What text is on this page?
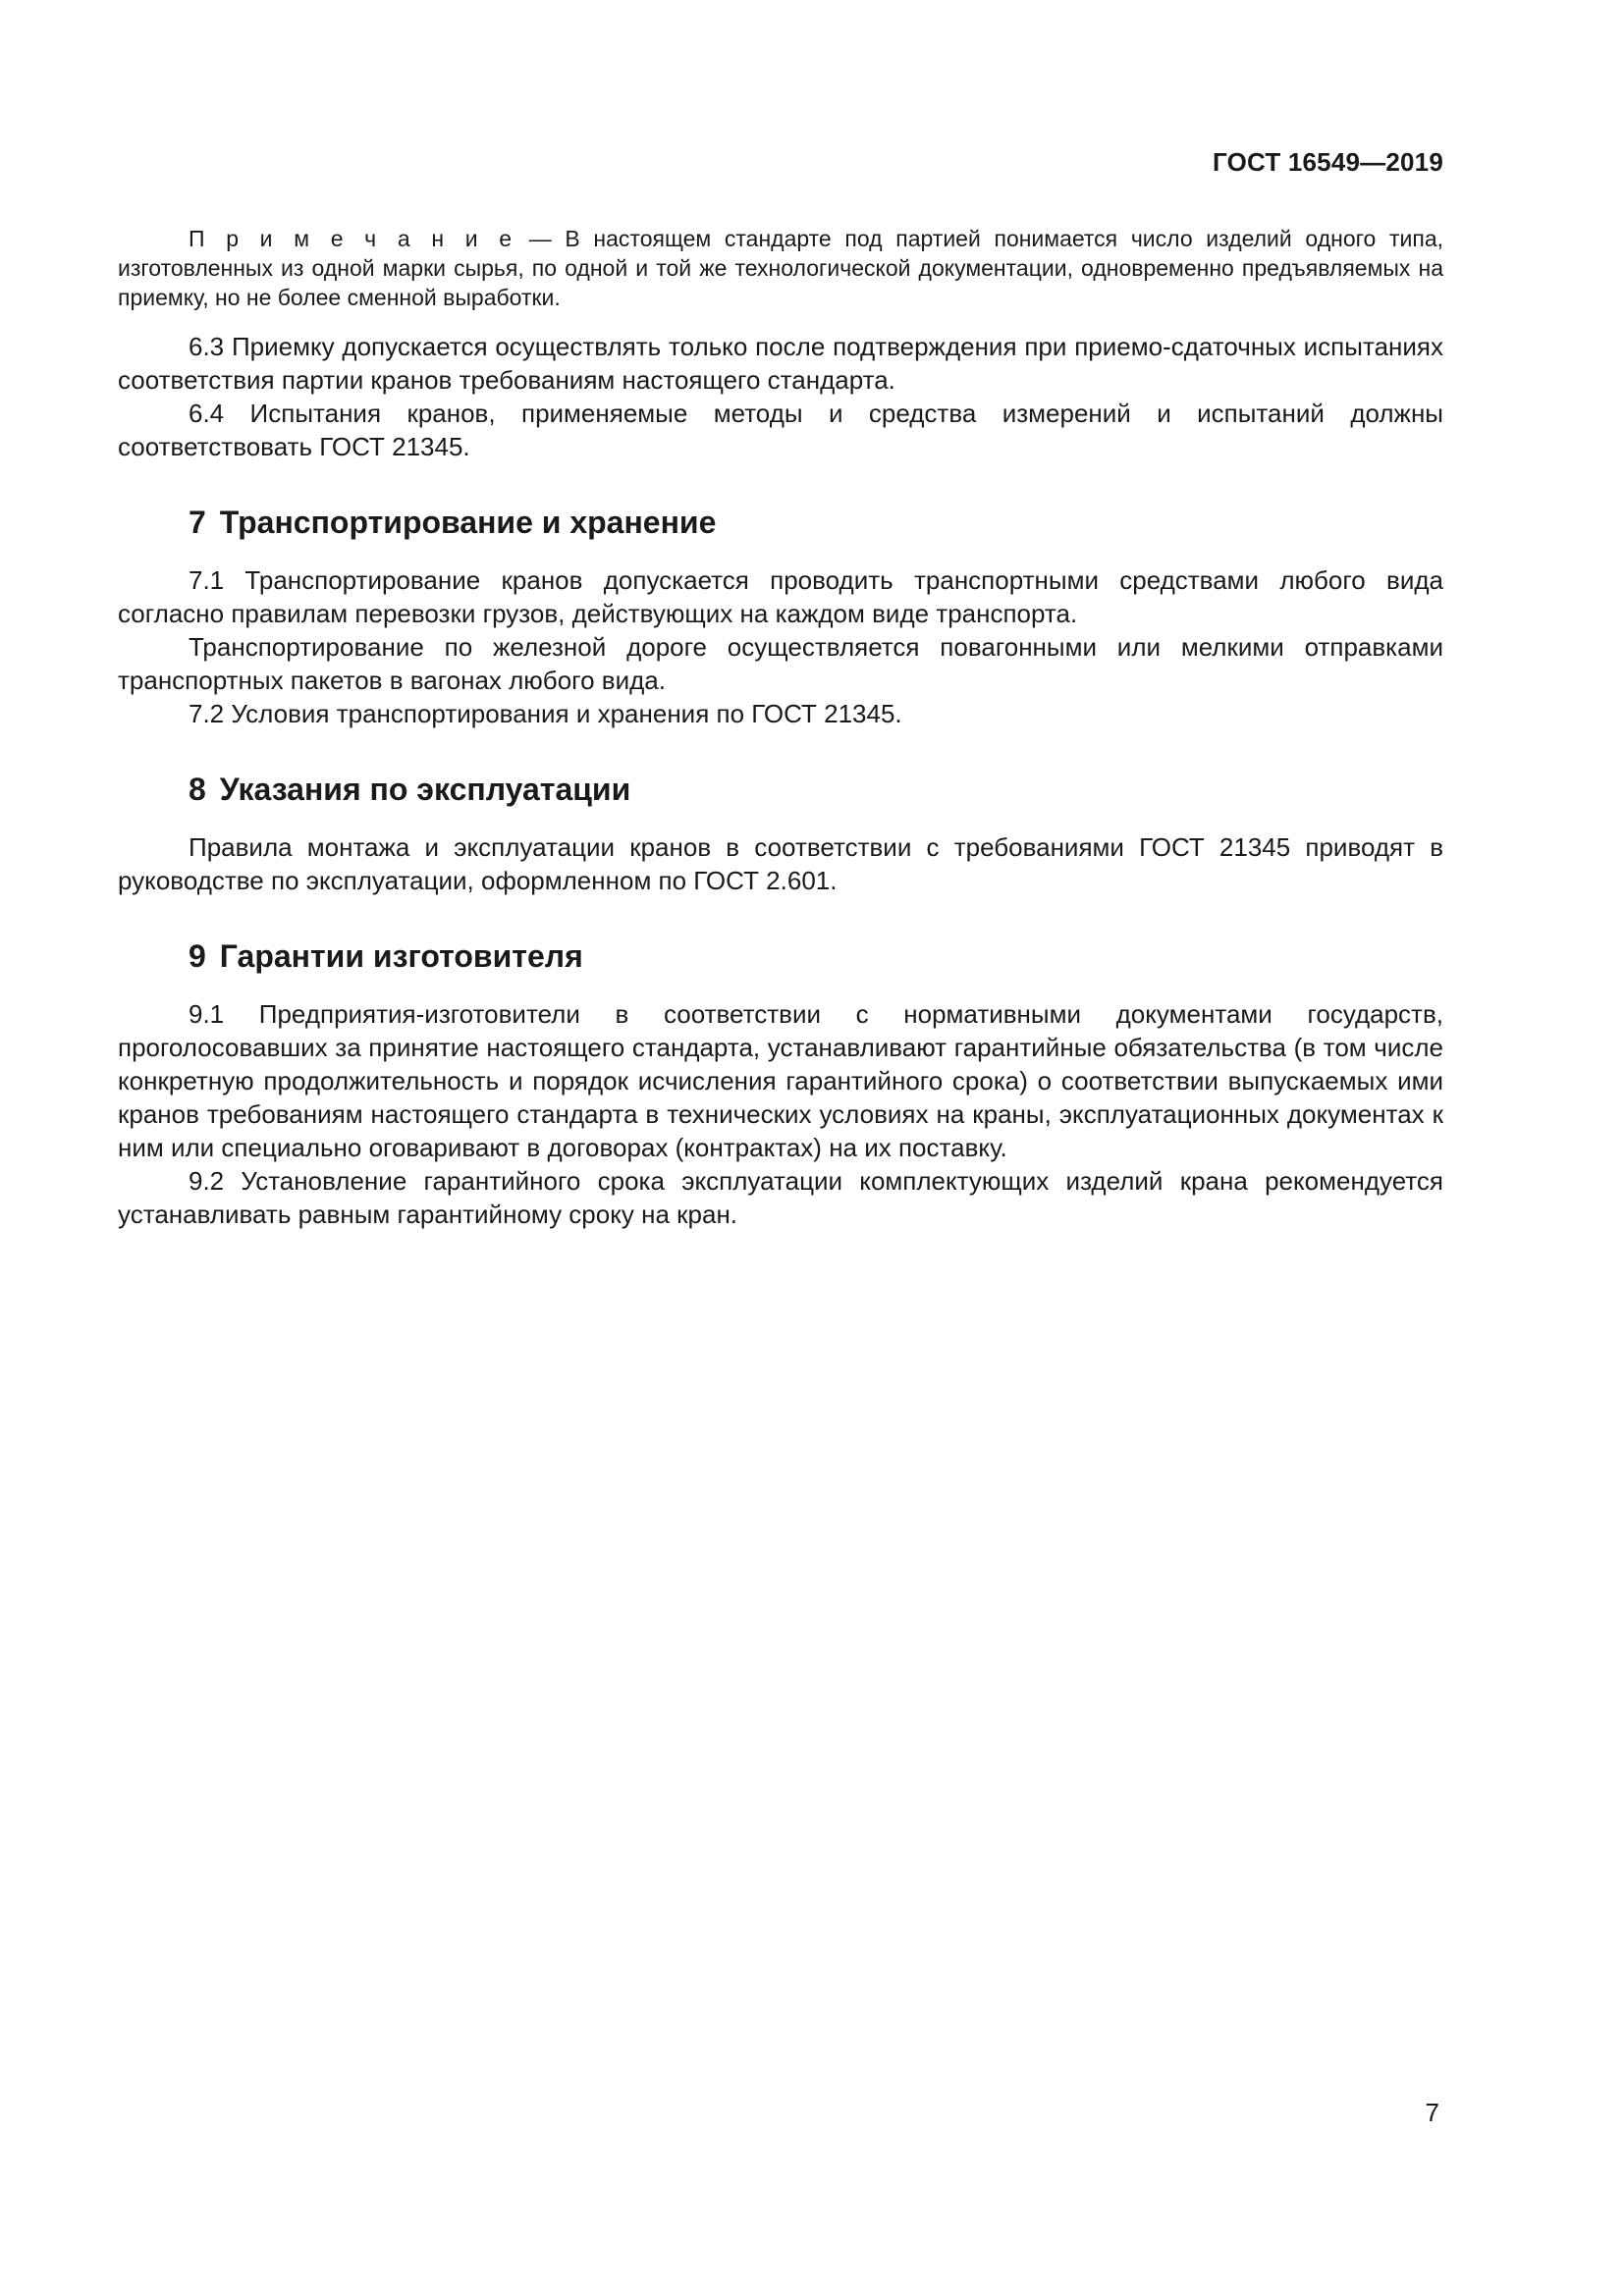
ГОСТ 16549—2019

П р и м е ч а н и е — В настоящем стандарте под партией понимается число изделий одного типа, изготовленных из одной марки сырья, по одной и той же технологической документации, одновременно предъявляемых на приемку, но не более сменной выработки.

6.3 Приемку допускается осуществлять только после подтверждения при приемо-сдаточных испытаниях соответствия партии кранов требованиям настоящего стандарта.

6.4 Испытания кранов, применяемые методы и средства измерений и испытаний должны соответствовать ГОСТ 21345.

7 Транспортирование и хранение

7.1 Транспортирование кранов допускается проводить транспортными средствами любого вида согласно правилам перевозки грузов, действующих на каждом виде транспорта.

Транспортирование по железной дороге осуществляется повагонными или мелкими отправками транспортных пакетов в вагонах любого вида.

7.2 Условия транспортирования и хранения по ГОСТ 21345.

8 Указания по эксплуатации

Правила монтажа и эксплуатации кранов в соответствии с требованиями ГОСТ 21345 приводят в руководстве по эксплуатации, оформленном по ГОСТ 2.601.

9 Гарантии изготовителя

9.1 Предприятия-изготовители в соответствии с нормативными документами государств, проголосовавших за принятие настоящего стандарта, устанавливают гарантийные обязательства (в том числе конкретную продолжительность и порядок исчисления гарантийного срока) о соответствии выпускаемых ими кранов требованиям настоящего стандарта в технических условиях на краны, эксплуатационных документах к ним или специально оговаривают в договорах (контрактах) на их поставку.

9.2 Установление гарантийного срока эксплуатации комплектующих изделий крана рекомендуется устанавливать равным гарантийному сроку на кран.

7
